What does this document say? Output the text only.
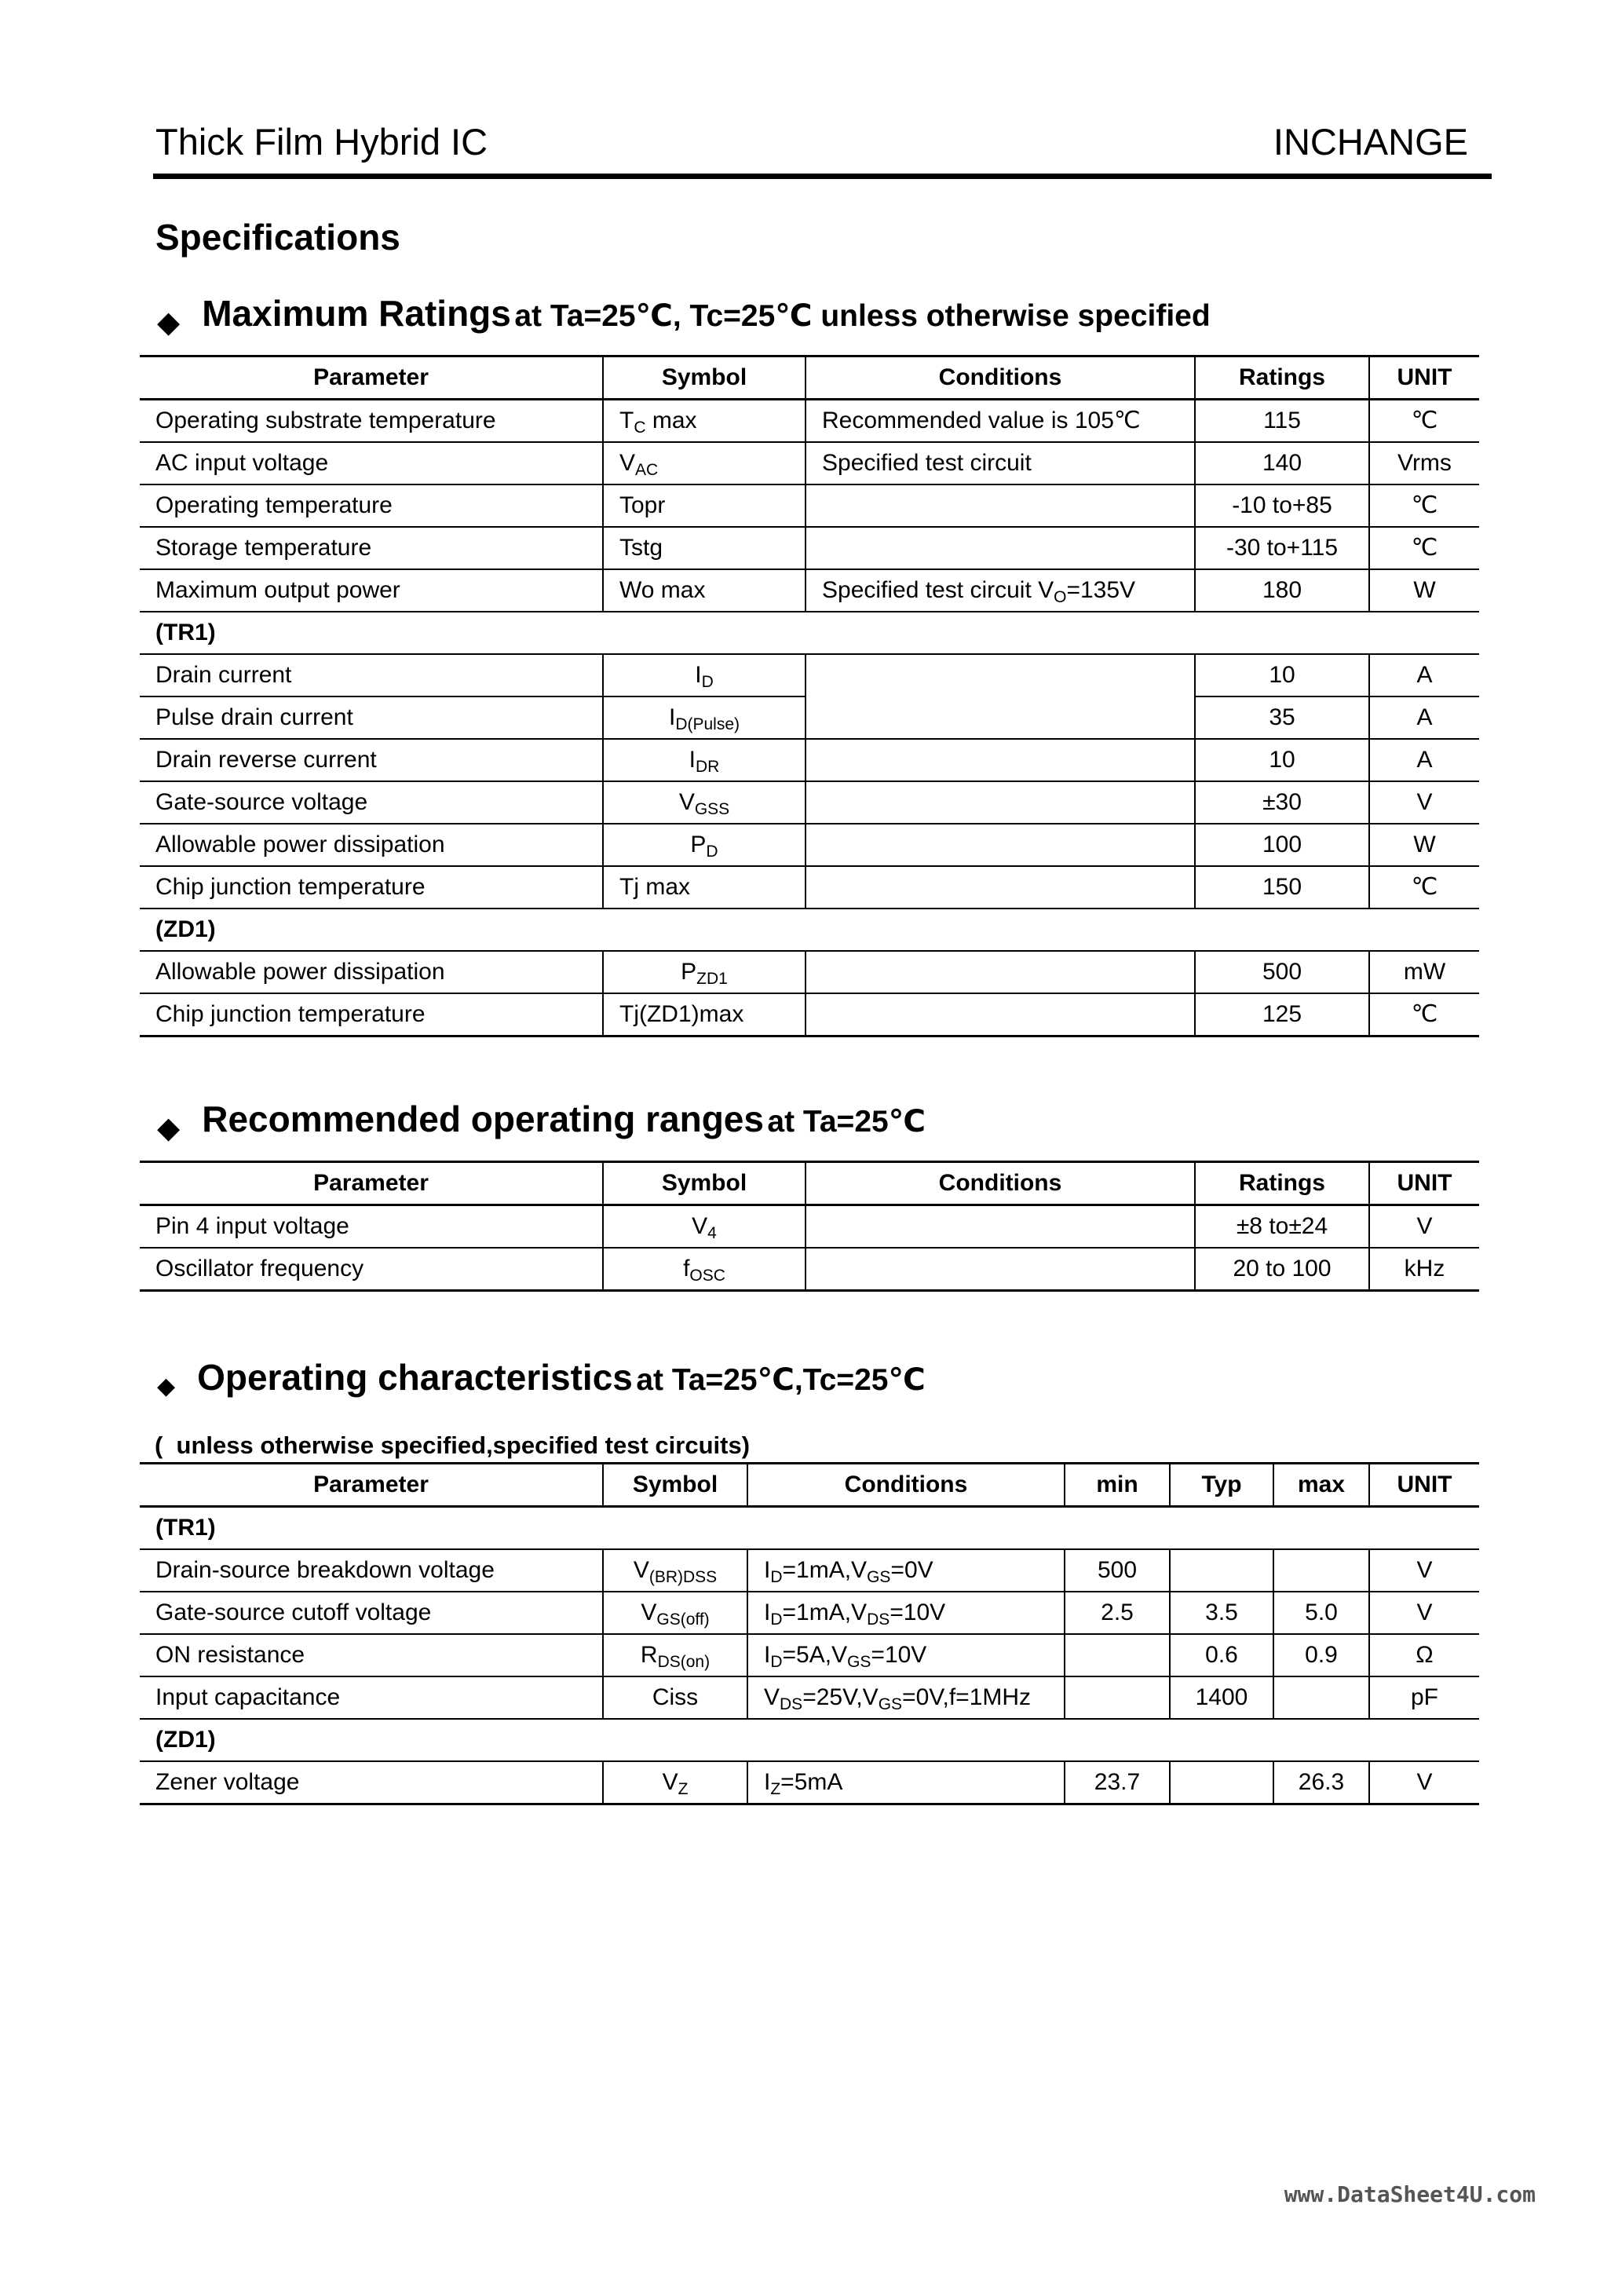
Thick Film Hybrid IC	INCHANGE
Specifications
◆ Maximum Ratings at Ta=25℃, Tc=25℃ unless otherwise specified
Parameter	Symbol	Conditions	Ratings	UNIT
Operating substrate temperature	$T_C$ max	Recommended value is 105℃	115	℃
AC input voltage	$V_{AC}$	Specified test circuit	140	Vrms
Operating temperature	Topr		-10 to+85	℃
Storage temperature	Tstg		-30 to+115	℃
Maximum output power	Wo max	Specified test circuit $V_O=135V$	180	W
(TR1)				
Drain current	$I_D$		10	A
Pulse drain current	$I_{D(Pulse)}$		35	A
Drain reverse current	$I_{DR}$		10	A
Gate-source voltage	$V_{GSS}$		±30	V
Allowable power dissipation	$P_D$		100	W
Chip junction temperature	Tj max		150	℃
(ZD1)				
Allowable power dissipation	$P_{ZD1}$		500	mW
Chip junction temperature	Tj(ZD1)max		125	℃
◆ Recommended operating ranges at Ta=25℃
Parameter	Symbol	Conditions	Ratings	UNIT
Pin 4 input voltage	$V_4$		±8 to±24	V
Oscillator frequency	$f_{OSC}$		20 to 100	kHz
◆ Operating characteristics at Ta=25℃,Tc=25℃
(  unless otherwise specified,specified test circuits)
Parameter	Symbol	Conditions	min	Typ	max	UNIT
(TR1)						
Drain-source breakdown voltage	$V_{(BR)DSS}$	$I_D=1mA,V_{GS}=0V$	500			V
Gate-source cutoff voltage	$V_{GS(off)}$	$I_D=1mA,V_{DS}=10V$	2.5	3.5	5.0	V
ON resistance	$R_{DS(on)}$	$I_D=5A,V_{GS}=10V$		0.6	0.9	Ω
Input capacitance	Ciss	$V_{DS}=25V,V_{GS}=0V,f=1MHz$		1400		pF
(ZD1)						
Zener voltage	$V_Z$	$I_Z=5mA$	23.7		26.3	V
www.DataSheet4U.com
